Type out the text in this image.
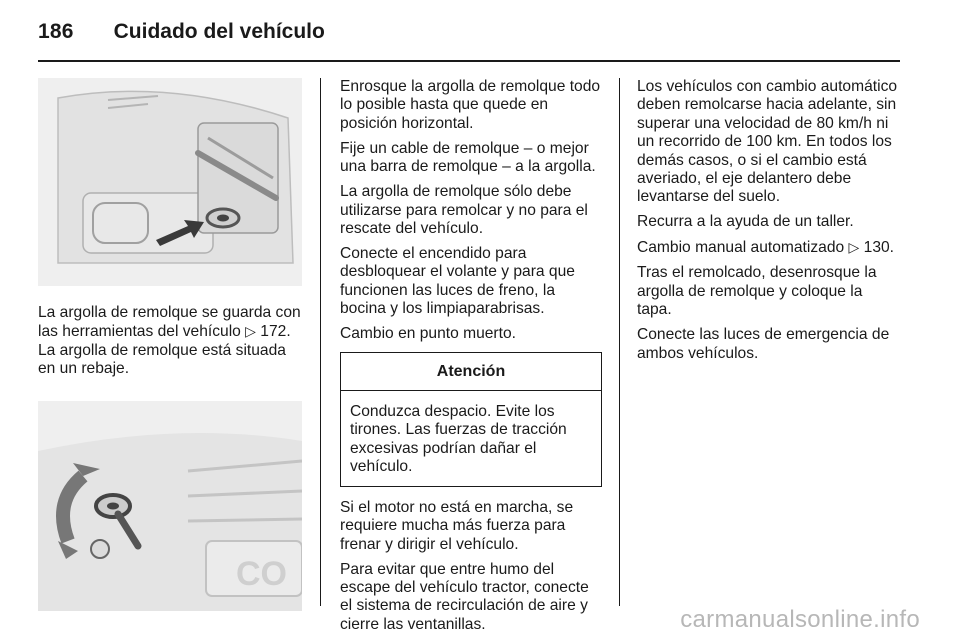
186 Cuidado del vehículo

La argolla de remolque se guarda con las herramientas del vehículo ▷ 172.
La argolla de remolque está situada en un rebaje.

CO

Enrosque la argolla de remolque todo lo posible hasta que quede en posición horizontal.

Fije un cable de remolque – o mejor una barra de remolque – a la argolla.

La argolla de remolque sólo debe utilizarse para remolcar y no para el rescate del vehículo.

Conecte el encendido para desbloquear el volante y para que funcionen las luces de freno, la bocina y los limpiaparabrisas.

Cambio en punto muerto.

Atención
Conduzca despacio. Evite los tirones. Las fuerzas de tracción excesivas podrían dañar el vehículo.

Si el motor no está en marcha, se requiere mucha más fuerza para frenar y dirigir el vehículo.

Para evitar que entre humo del escape del vehículo tractor, conecte el sistema de recirculación de aire y cierre las ventanillas.

Los vehículos con cambio automático deben remolcarse hacia adelante, sin superar una velocidad de 80 km/h ni un recorrido de 100 km. En todos los demás casos, o si el cambio está averiado, el eje delantero debe levantarse del suelo.

Recurra a la ayuda de un taller.

Cambio manual automatizado ▷ 130.

Tras el remolcado, desenrosque la argolla de remolque y coloque la tapa.

Conecte las luces de emergencia de ambos vehículos.

carmanualsonline.info
